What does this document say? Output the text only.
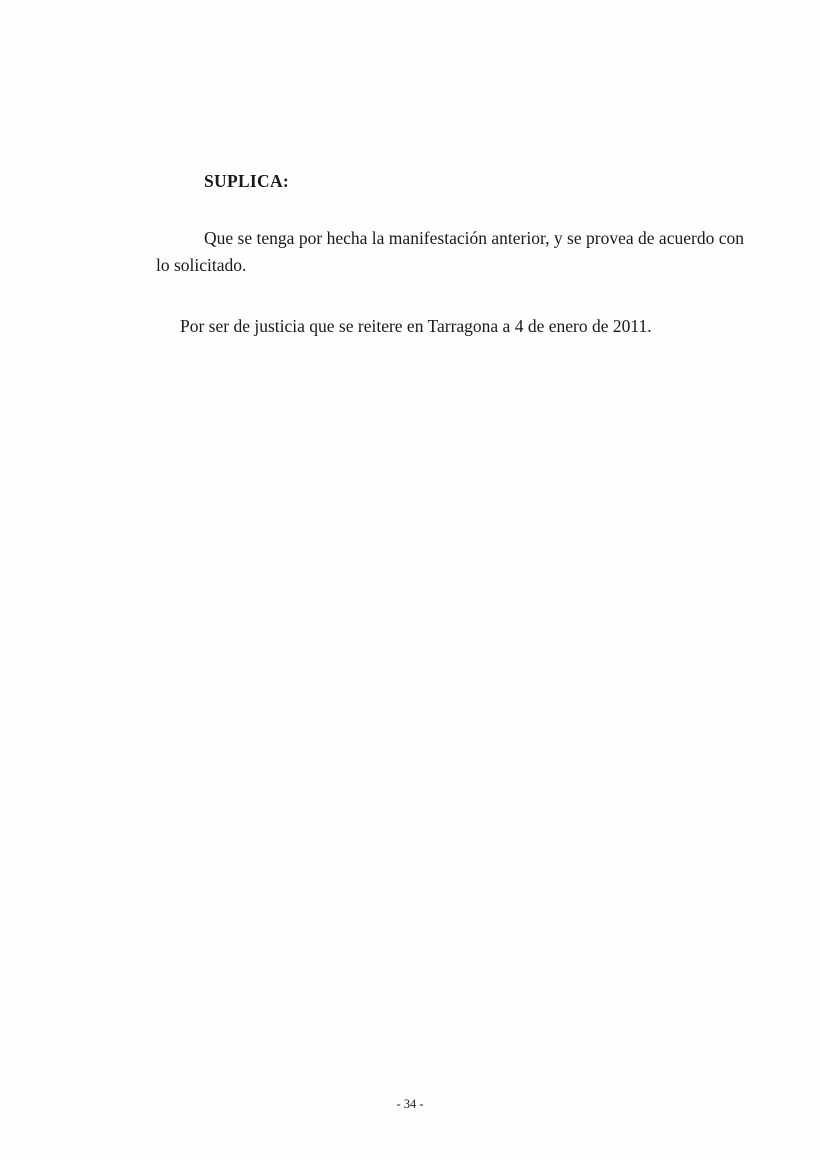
SUPLICA:

Que se tenga por hecha la manifestación anterior, y se provea de acuerdo con lo solicitado.

Por ser de justicia que se reitere en Tarragona a 4 de enero de 2011.

- 34 -
